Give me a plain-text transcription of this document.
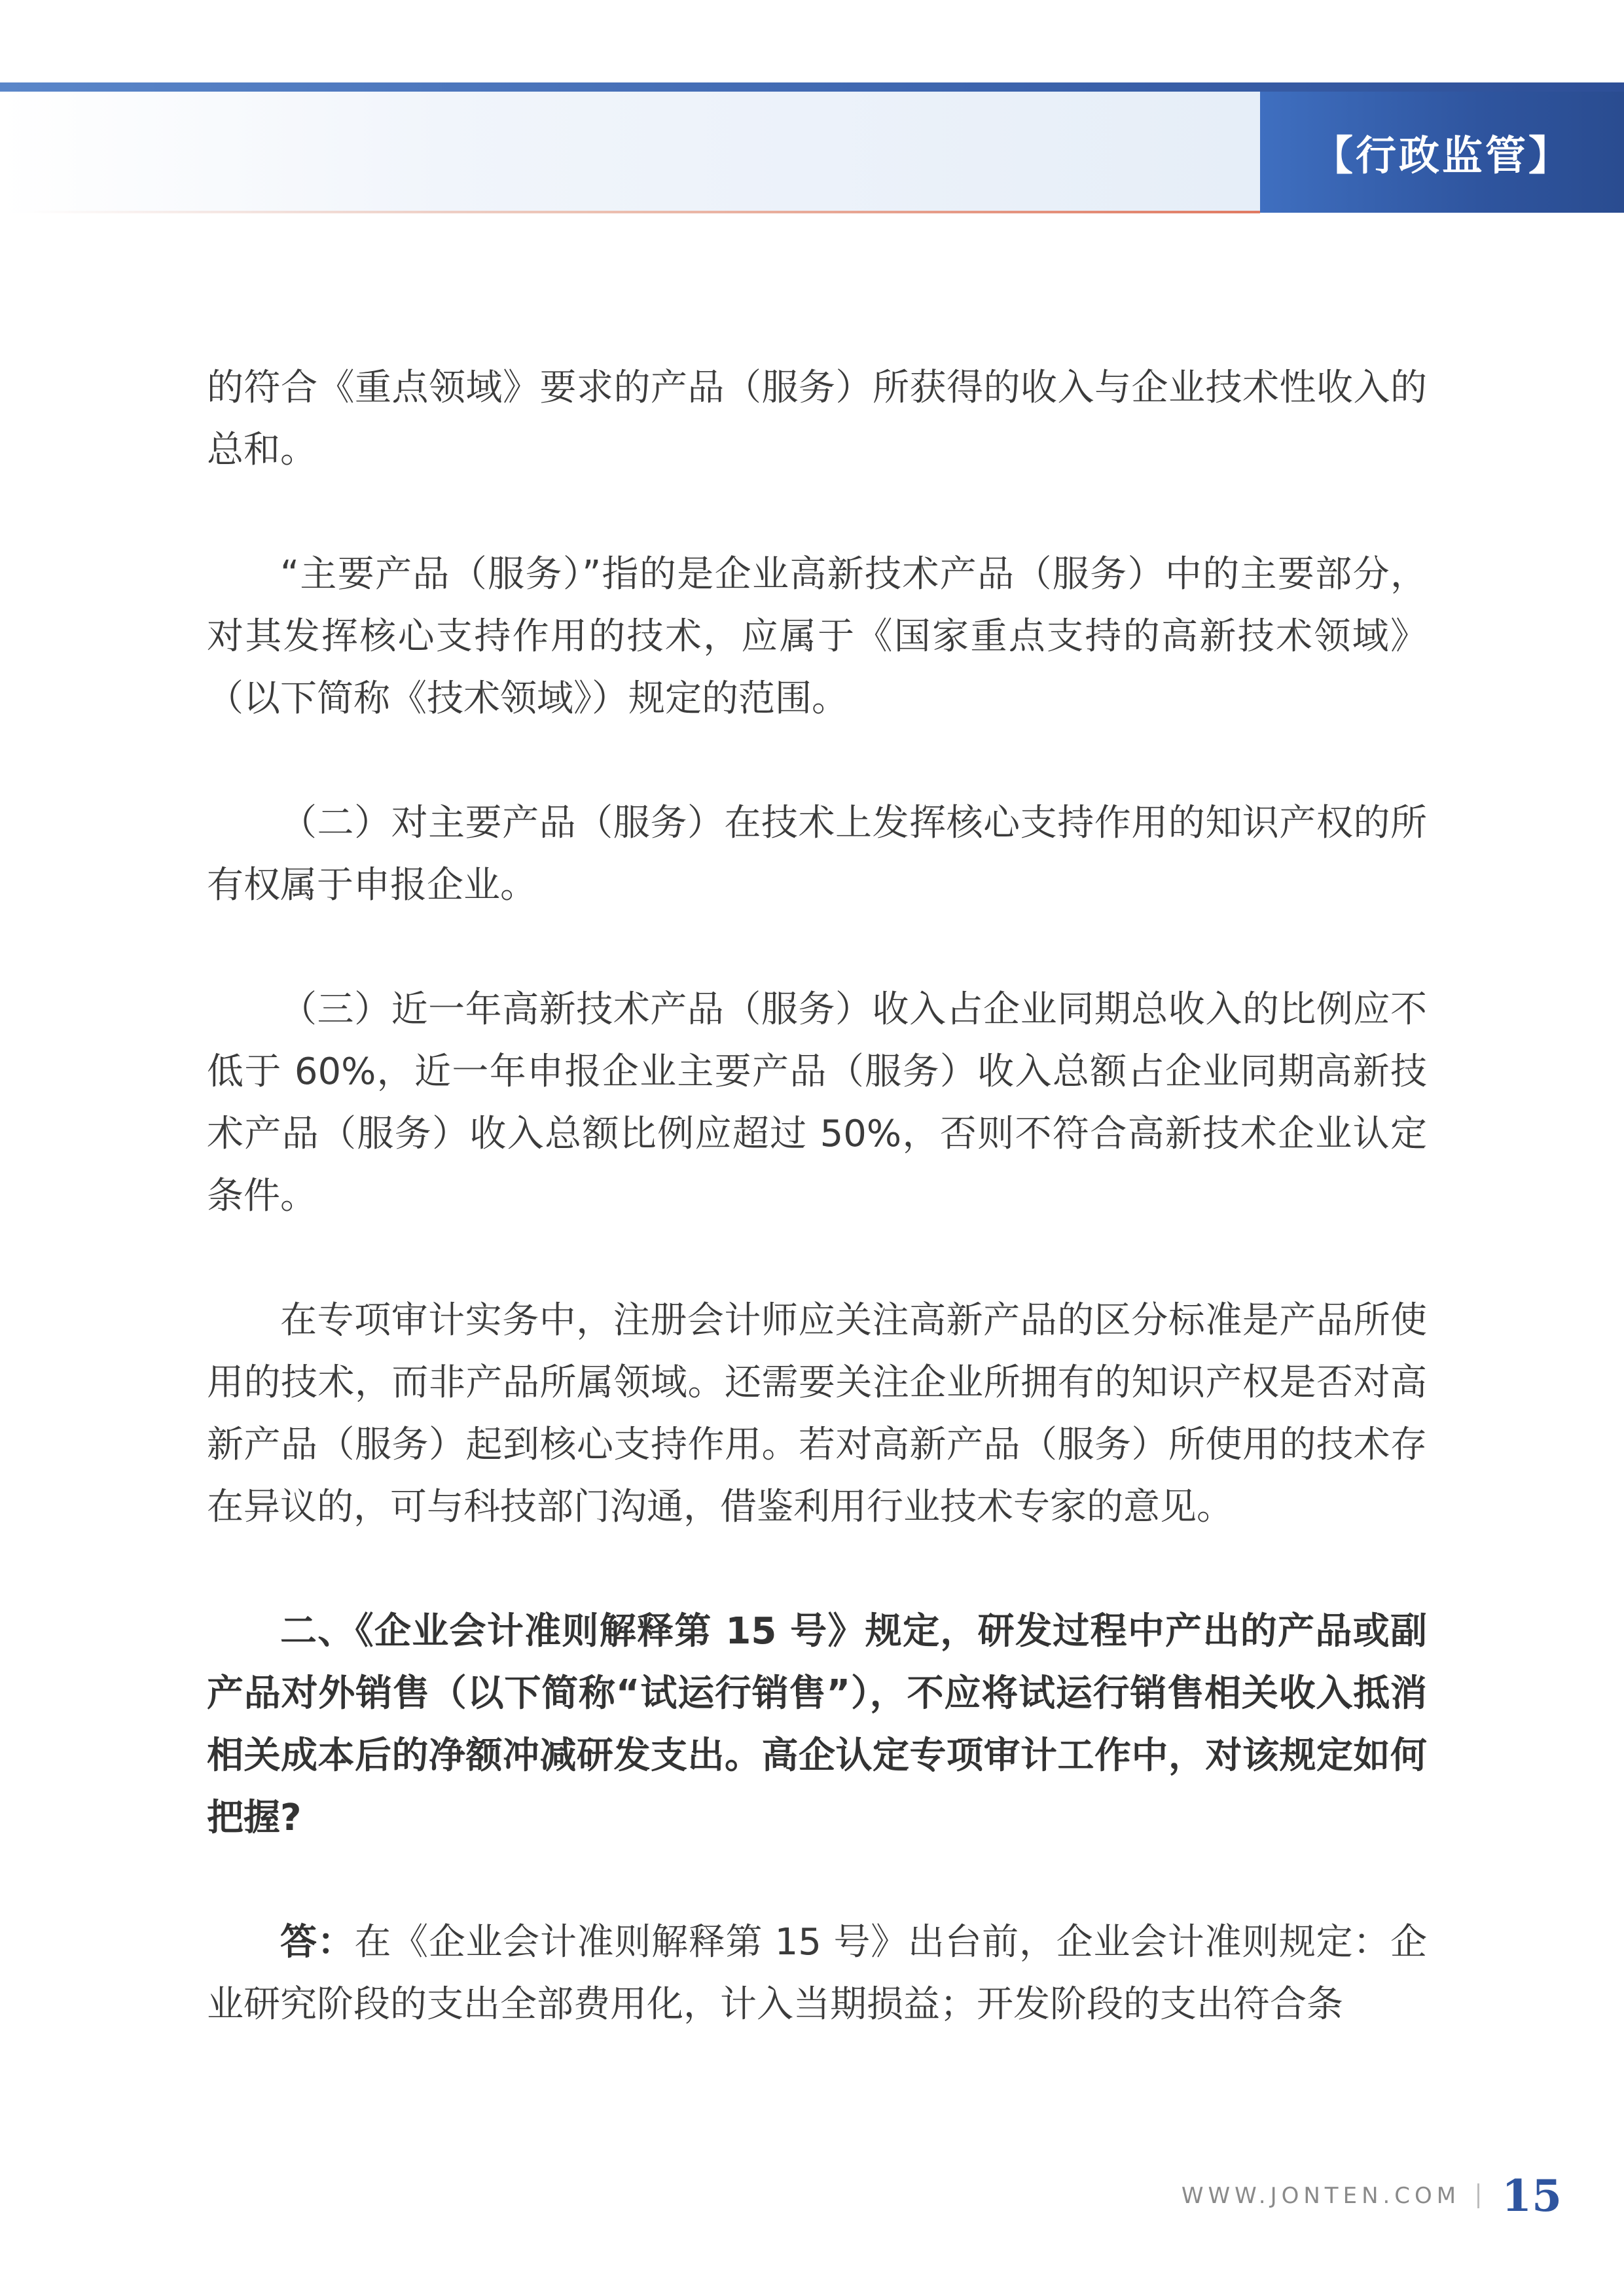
【行政监管】

的符合《重点领域》要求的产品（服务）所获得的收入与企业技术性收入的总和。

“主要产品（服务）”指的是企业高新技术产品（服务）中的主要部分，对其发挥核心支持作用的技术，应属于《国家重点支持的高新技术领域》（以下简称《技术领域》）规定的范围。

（二）对主要产品（服务）在技术上发挥核心支持作用的知识产权的所有权属于申报企业。

（三）近一年高新技术产品（服务）收入占企业同期总收入的比例应不低于 60%，近一年申报企业主要产品（服务）收入总额占企业同期高新技术产品（服务）收入总额比例应超过 50%，否则不符合高新技术企业认定条件。

在专项审计实务中，注册会计师应关注高新产品的区分标准是产品所使用的技术，而非产品所属领域。还需要关注企业所拥有的知识产权是否对高新产品（服务）起到核心支持作用。若对高新产品（服务）所使用的技术存在异议的，可与科技部门沟通，借鉴利用行业技术专家的意见。

二、《企业会计准则解释第 15 号》规定，研发过程中产出的产品或副产品对外销售（以下简称“试运行销售”），不应将试运行销售相关收入抵消相关成本后的净额冲减研发支出。高企认定专项审计工作中，对该规定如何把握?

答：在《企业会计准则解释第 15 号》出台前，企业会计准则规定：企业研究阶段的支出全部费用化，计入当期损益；开发阶段的支出符合条

WWW.JONTEN.COM 15
